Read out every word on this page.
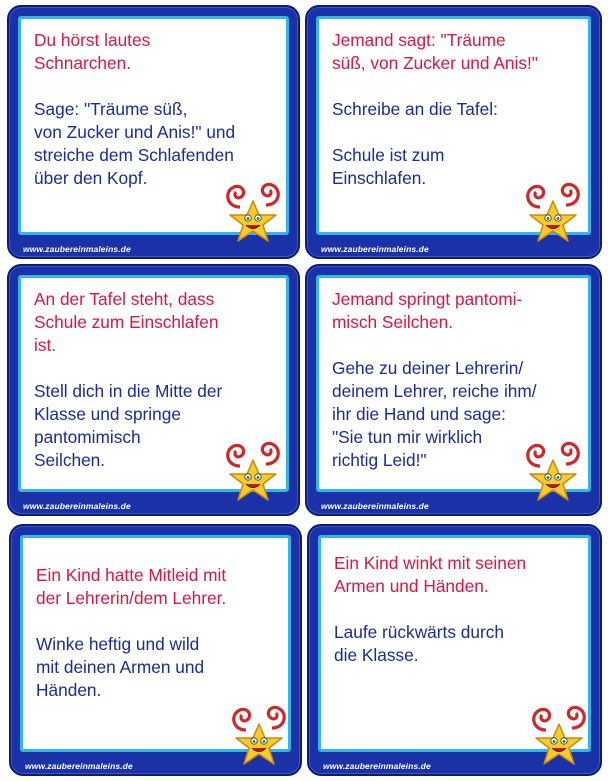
Du hörst lautes
Schnarchen.

Sage: "Träume süß,
von Zucker und Anis!" und
streiche dem Schlafenden
über den Kopf.

www.zaubereinmaleins.de

Jemand sagt: "Träume
süß, von Zucker und Anis!"

Schreibe an die Tafel:

Schule ist zum
Einschlafen.

www.zaubereinmaleins.de

An der Tafel steht, dass
Schule zum Einschlafen
ist.

Stell dich in die Mitte der
Klasse und springe
pantomimisch
Seilchen.

www.zaubereinmaleins.de

Jemand springt pantomi-
misch Seilchen.

Gehe zu deiner Lehrerin/
deinem Lehrer, reiche ihm/
ihr die Hand und sage:
"Sie tun mir wirklich
richtig Leid!"

www.zaubereinmaleins.de

Ein Kind hatte Mitleid mit
der Lehrerin/dem Lehrer.

Winke heftig und wild
mit deinen Armen und
Händen.

www.zaubereinmaleins.de

Ein Kind winkt mit seinen
Armen und Händen.

Laufe rückwärts durch
die Klasse.

www.zaubereinmaleins.de
